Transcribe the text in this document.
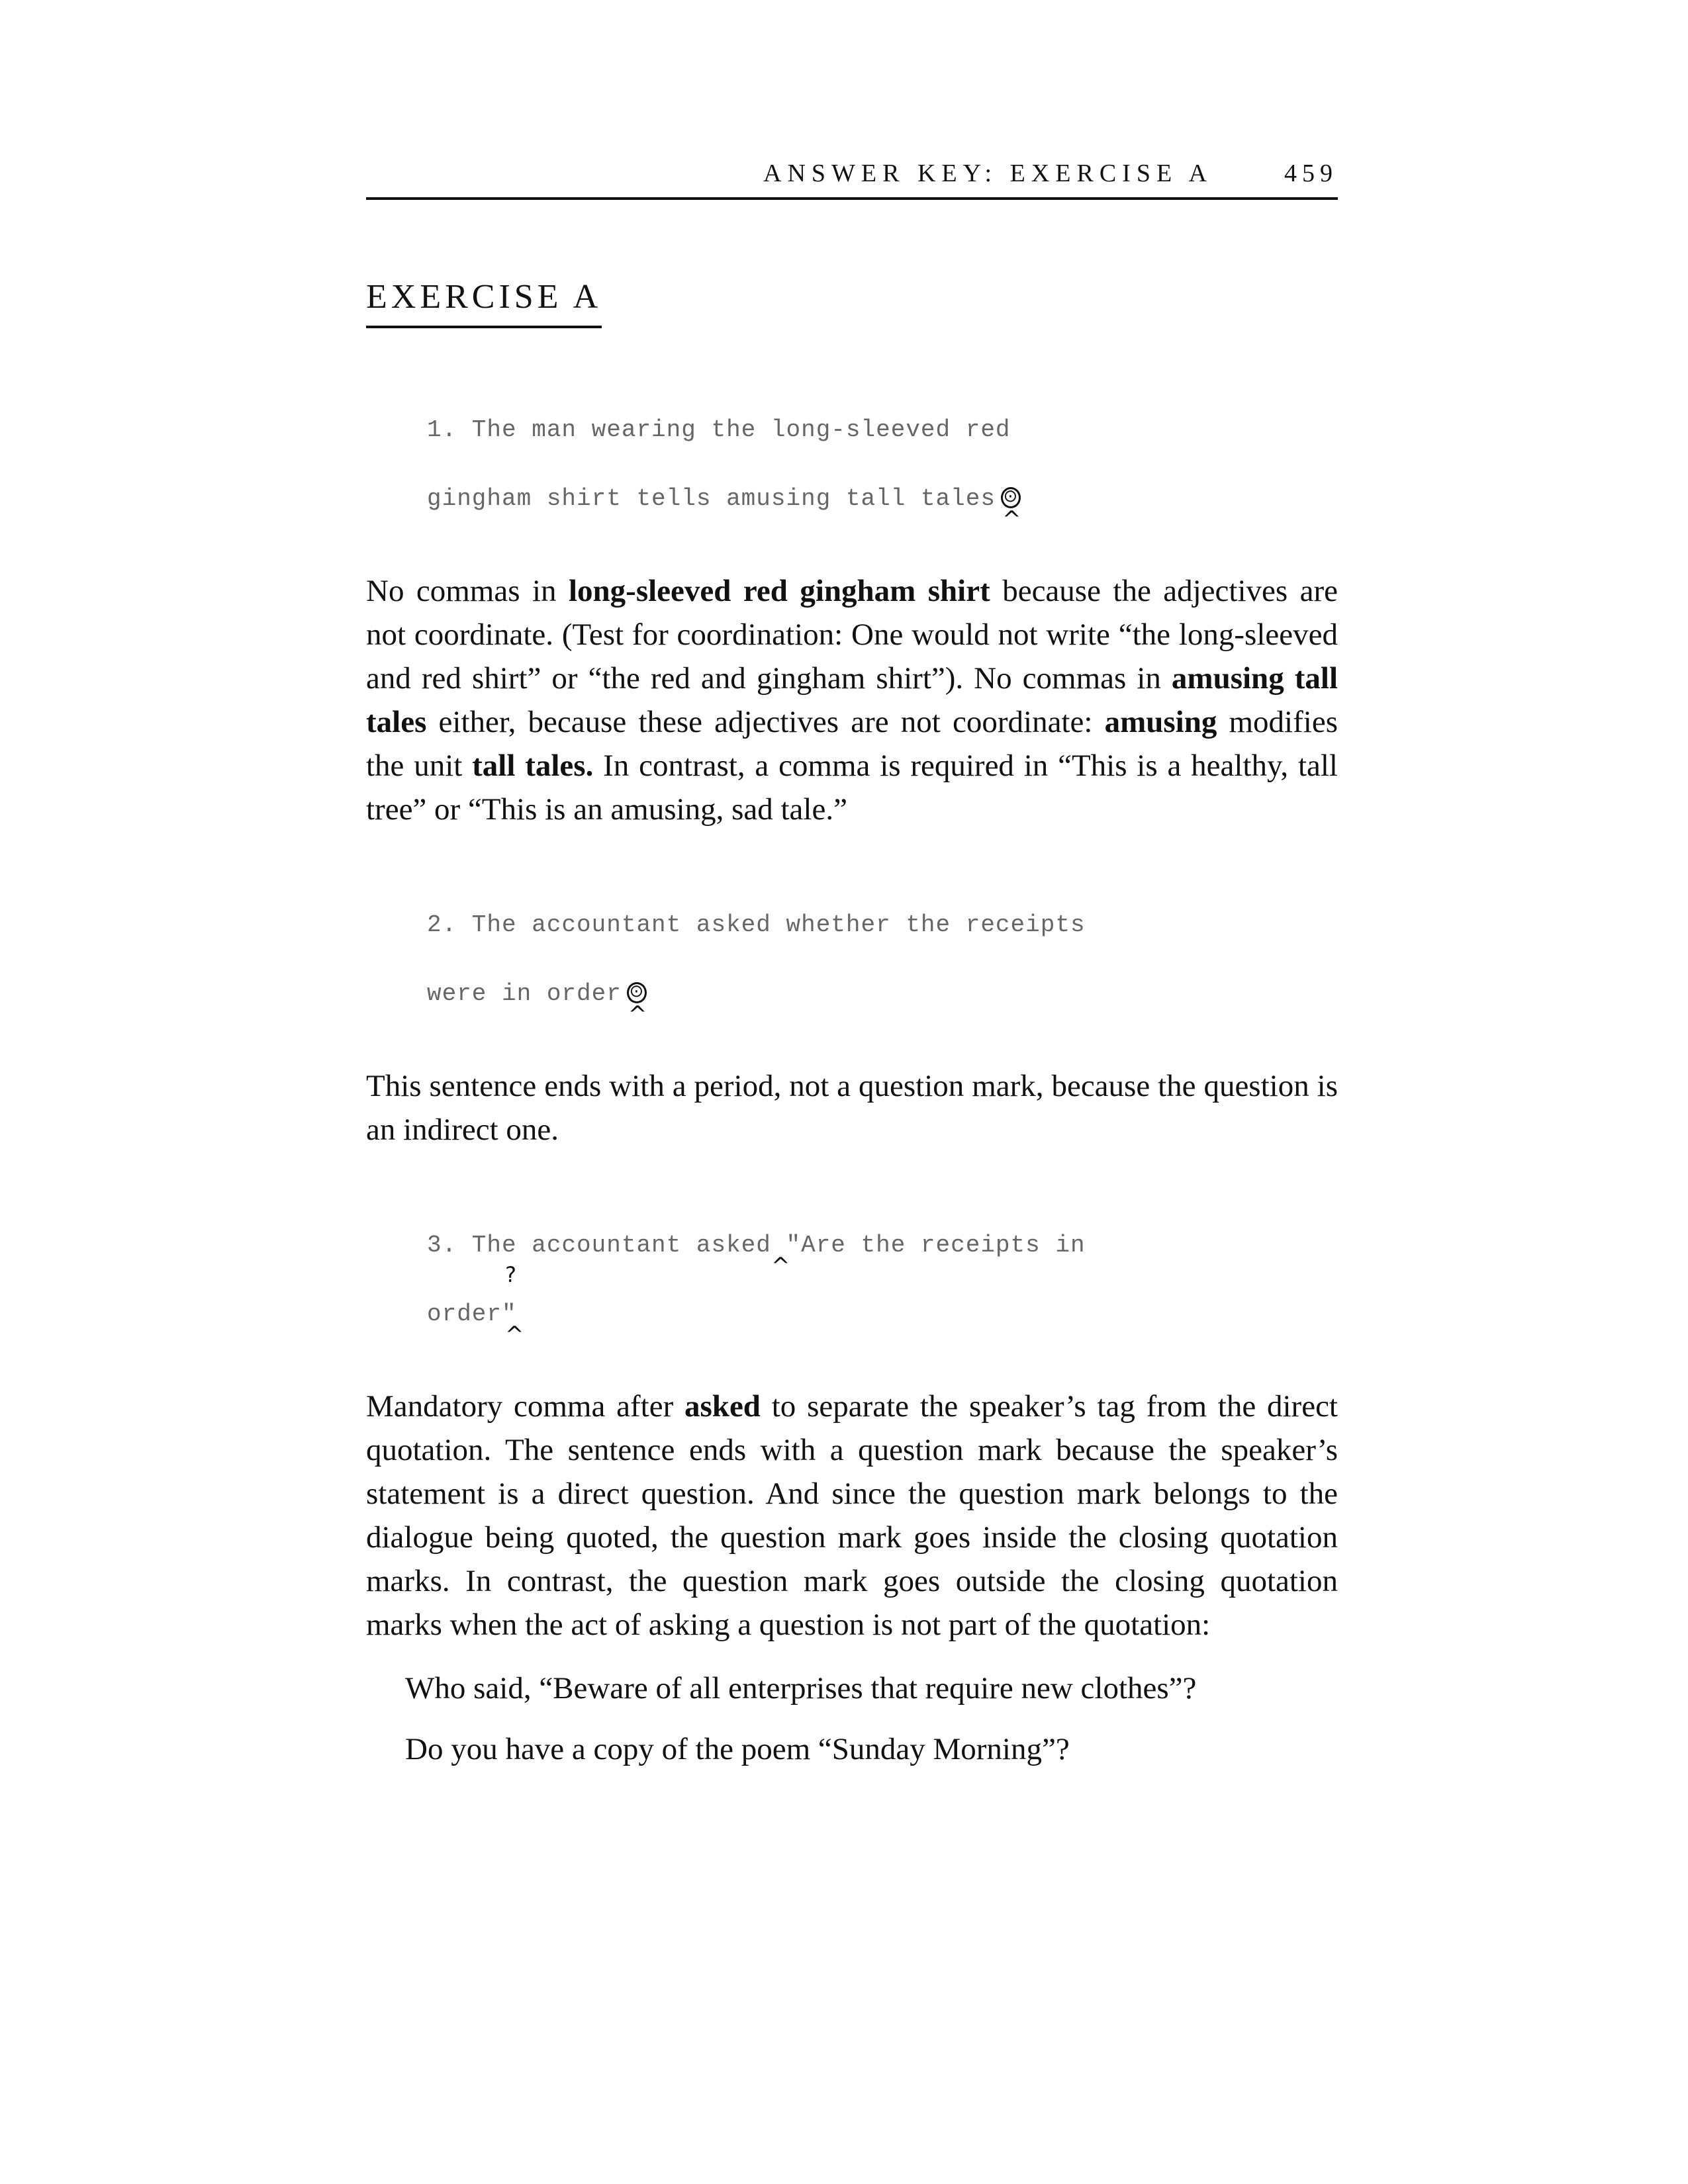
ANSWER KEY: EXERCISE A	459
EXERCISE A
1. The man wearing the long-sleeved red
gingham shirt tells amusing tall tales ⊙
^
No commas in long-sleeved red gingham shirt because the adjectives are not coordinate. (Test for coordination: One would not write “the long-sleeved and red shirt” or “the red and gingham shirt”). No commas in amusing tall tales either, because these adjectives are not coordinate: amusing modifies the unit tall tales. In contrast, a comma is required in “This is a healthy, tall tree” or “This is an amusing, sad tale.”
2. The accountant asked whether the receipts
were in order ⊙
^
This sentence ends with a period, not a question mark, because the question is an indirect one.
3. The accountant asked "Are the receipts in
^
?
order"
^
Mandatory comma after asked to separate the speaker’s tag from the direct quotation. The sentence ends with a question mark because the speaker’s statement is a direct question. And since the question mark belongs to the dialogue being quoted, the question mark goes inside the closing quotation marks. In contrast, the question mark goes outside the closing quotation marks when the act of asking a question is not part of the quotation:
Who said, “Beware of all enterprises that require new clothes”?
Do you have a copy of the poem “Sunday Morning”?
